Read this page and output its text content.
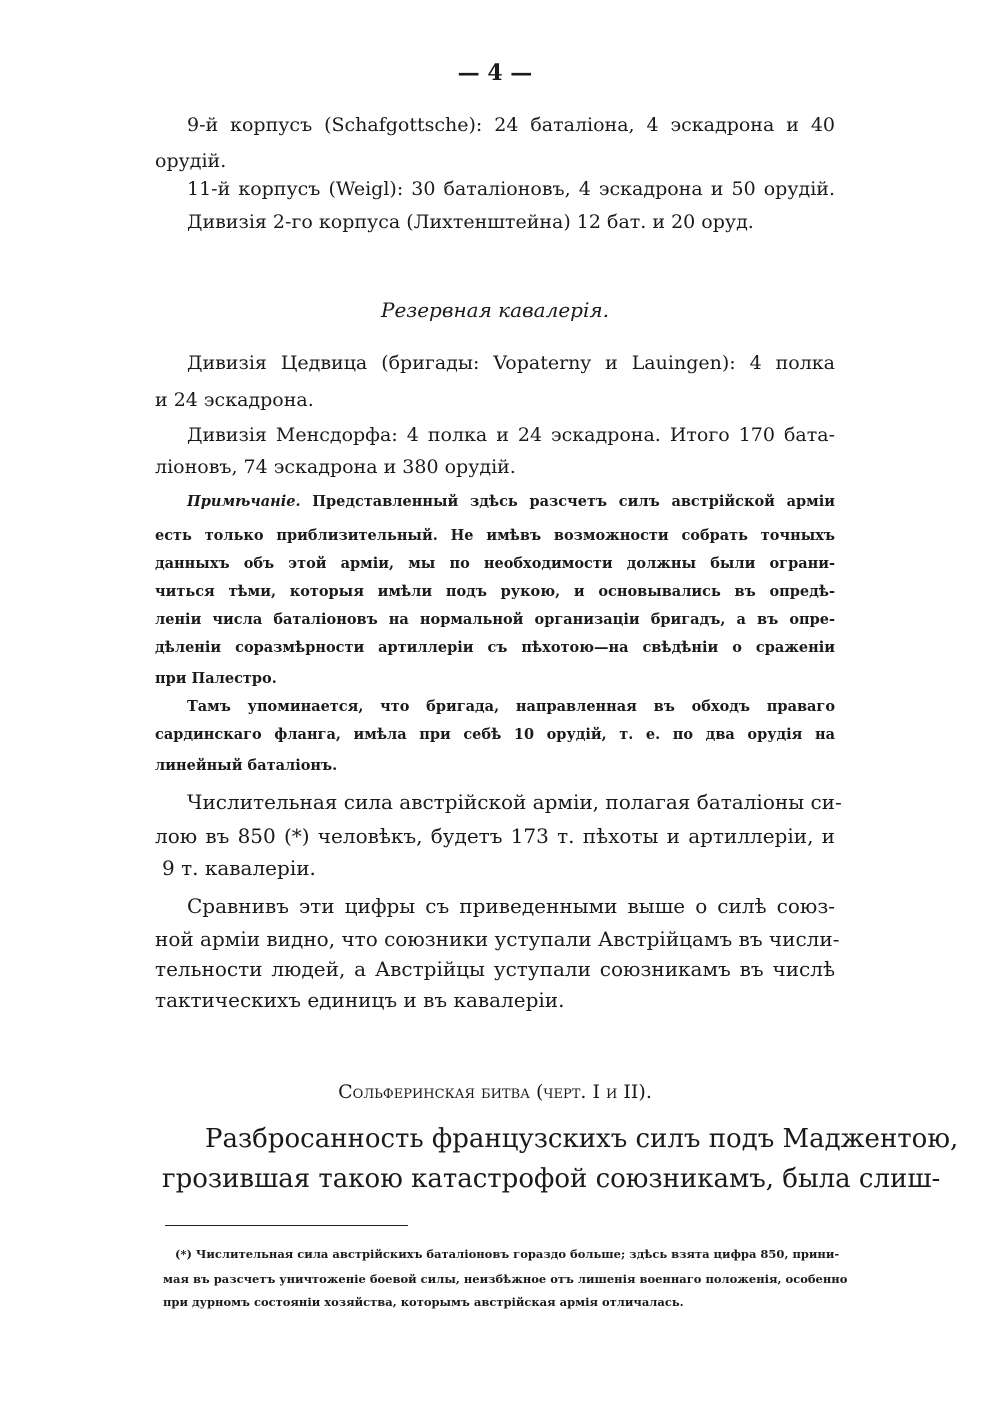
— 4 —
9-й корпусъ (Schafgottsche): 24 баталiона, 4 эскадрона и 40
орудiй.
11-й корпусъ (Weigl): 30 баталiоновъ, 4 эскадрона и 50 орудiй.
Дивизiя 2-го корпуса (Лихтенштейна) 12 бат. и 20 оруд.
Резервная кавалерiя.
Дивизiя Цедвица (бригады: Vopaterny и Lauingen): 4 полка
и 24 эскадрона.
Дивизiя Менсдорфа: 4 полка и 24 эскадрона. Итого 170 бата-
лiоновъ, 74 эскадрона и 380 орудiй.
Примѣчанiе. Представленный здѣсь разсчетъ силъ австрiйской армiи
есть только приблизительный. Не имѣвъ возможности собрать точныхъ
данныхъ объ этой армiи, мы по необходимости должны были ограни-
читься тѣми, которыя имѣли подъ рукою, и основывались въ опредѣ-
ленiи числа баталiоновъ на нормальной организацiи бригадъ, а въ опре-
дѣленiи соразмѣрности артиллерiи съ пѣхотою—на свѣдѣнiи о сраженiи
при Палестро.
Тамъ упоминается, что бригада, направленная въ обходъ праваго
сардинскаго фланга, имѣла при себѣ 10 орудiй, т. е. по два орудiя на
линейный баталiонъ.
Числительная сила австрiйской армiи, полагая баталiоны си-
лою въ 850 (*) человѣкъ, будетъ 173 т. пѣхоты и артиллерiи, и
9 т. кавалерiи.
Сравнивъ эти цифры съ приведенными выше о силѣ союз-
ной армiи видно, что союзники уступали Австрiйцамъ въ числи-
тельности людей, а Австрiйцы уступали союзникамъ въ числѣ
тактическихъ единицъ и въ кавалерiи.
Сольферинская битва (черт. I и II).
Разбросанность французскихъ силъ подъ Маджентою,
грозившая такою катастрофой союзникамъ, была слиш-
(*) Числительная сила австрiйскихъ баталiоновъ гораздо больше; здѣсь взята цифра 850, прини-
мая въ разсчетъ уничтоженiе боевой силы, неизбѣжное отъ лишенiя военнаго положенiя, особенно
при дурномъ состоянiи хозяйства, которымъ австрiйская армiя отличалась.
